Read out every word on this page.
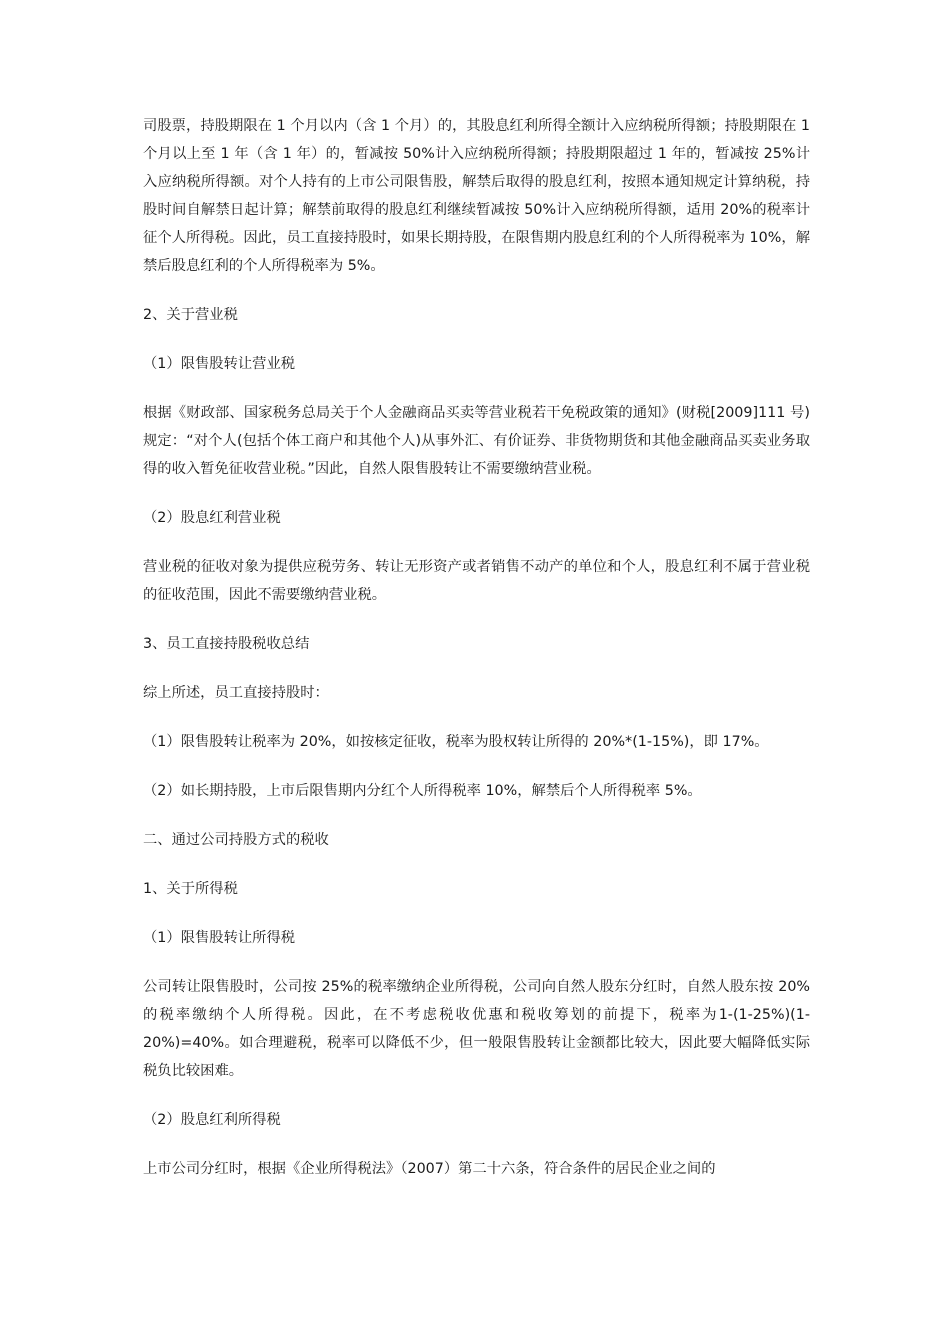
司股票，持股期限在 1 个月以内（含 1 个月）的，其股息红利所得全额计入应纳税所得额；持股期限在 1 个月以上至 1 年（含 1 年）的，暂减按 50%计入应纳税所得额；持股期限超过 1 年的，暂减按 25%计入应纳税所得额。对个人持有的上市公司限售股，解禁后取得的股息红利，按照本通知规定计算纳税，持股时间自解禁日起计算；解禁前取得的股息红利继续暂减按 50%计入应纳税所得额，适用 20%的税率计征个人所得税。因此，员工直接持股时，如果长期持股，在限售期内股息红利的个人所得税率为 10%，解禁后股息红利的个人所得税率为 5%。

2、关于营业税

（1）限售股转让营业税

根据《财政部、国家税务总局关于个人金融商品买卖等营业税若干免税政策的通知》(财税[2009]111 号)规定：“对个人(包括个体工商户和其他个人)从事外汇、有价证券、非货物期货和其他金融商品买卖业务取得的收入暂免征收营业税。”因此，自然人限售股转让不需要缴纳营业税。

（2）股息红利营业税

营业税的征收对象为提供应税劳务、转让无形资产或者销售不动产的单位和个人，股息红利不属于营业税的征收范围，因此不需要缴纳营业税。

3、员工直接持股税收总结

综上所述，员工直接持股时：

（1）限售股转让税率为 20%，如按核定征收，税率为股权转让所得的 20%*(1-15%)，即 17%。

（2）如长期持股，上市后限售期内分红个人所得税率 10%，解禁后个人所得税率 5%。

二、通过公司持股方式的税收

1、关于所得税

（1）限售股转让所得税

公司转让限售股时，公司按 25%的税率缴纳企业所得税，公司向自然人股东分红时，自然人股东按 20%的税率缴纳个人所得税。因此，在不考虑税收优惠和税收筹划的前提下，税率为1-(1-25%)(1-20%)=40%。如合理避税，税率可以降低不少，但一般限售股转让金额都比较大，因此要大幅降低实际税负比较困难。

（2）股息红利所得税

上市公司分红时，根据《企业所得税法》（2007）第二十六条，符合条件的居民企业之间的
